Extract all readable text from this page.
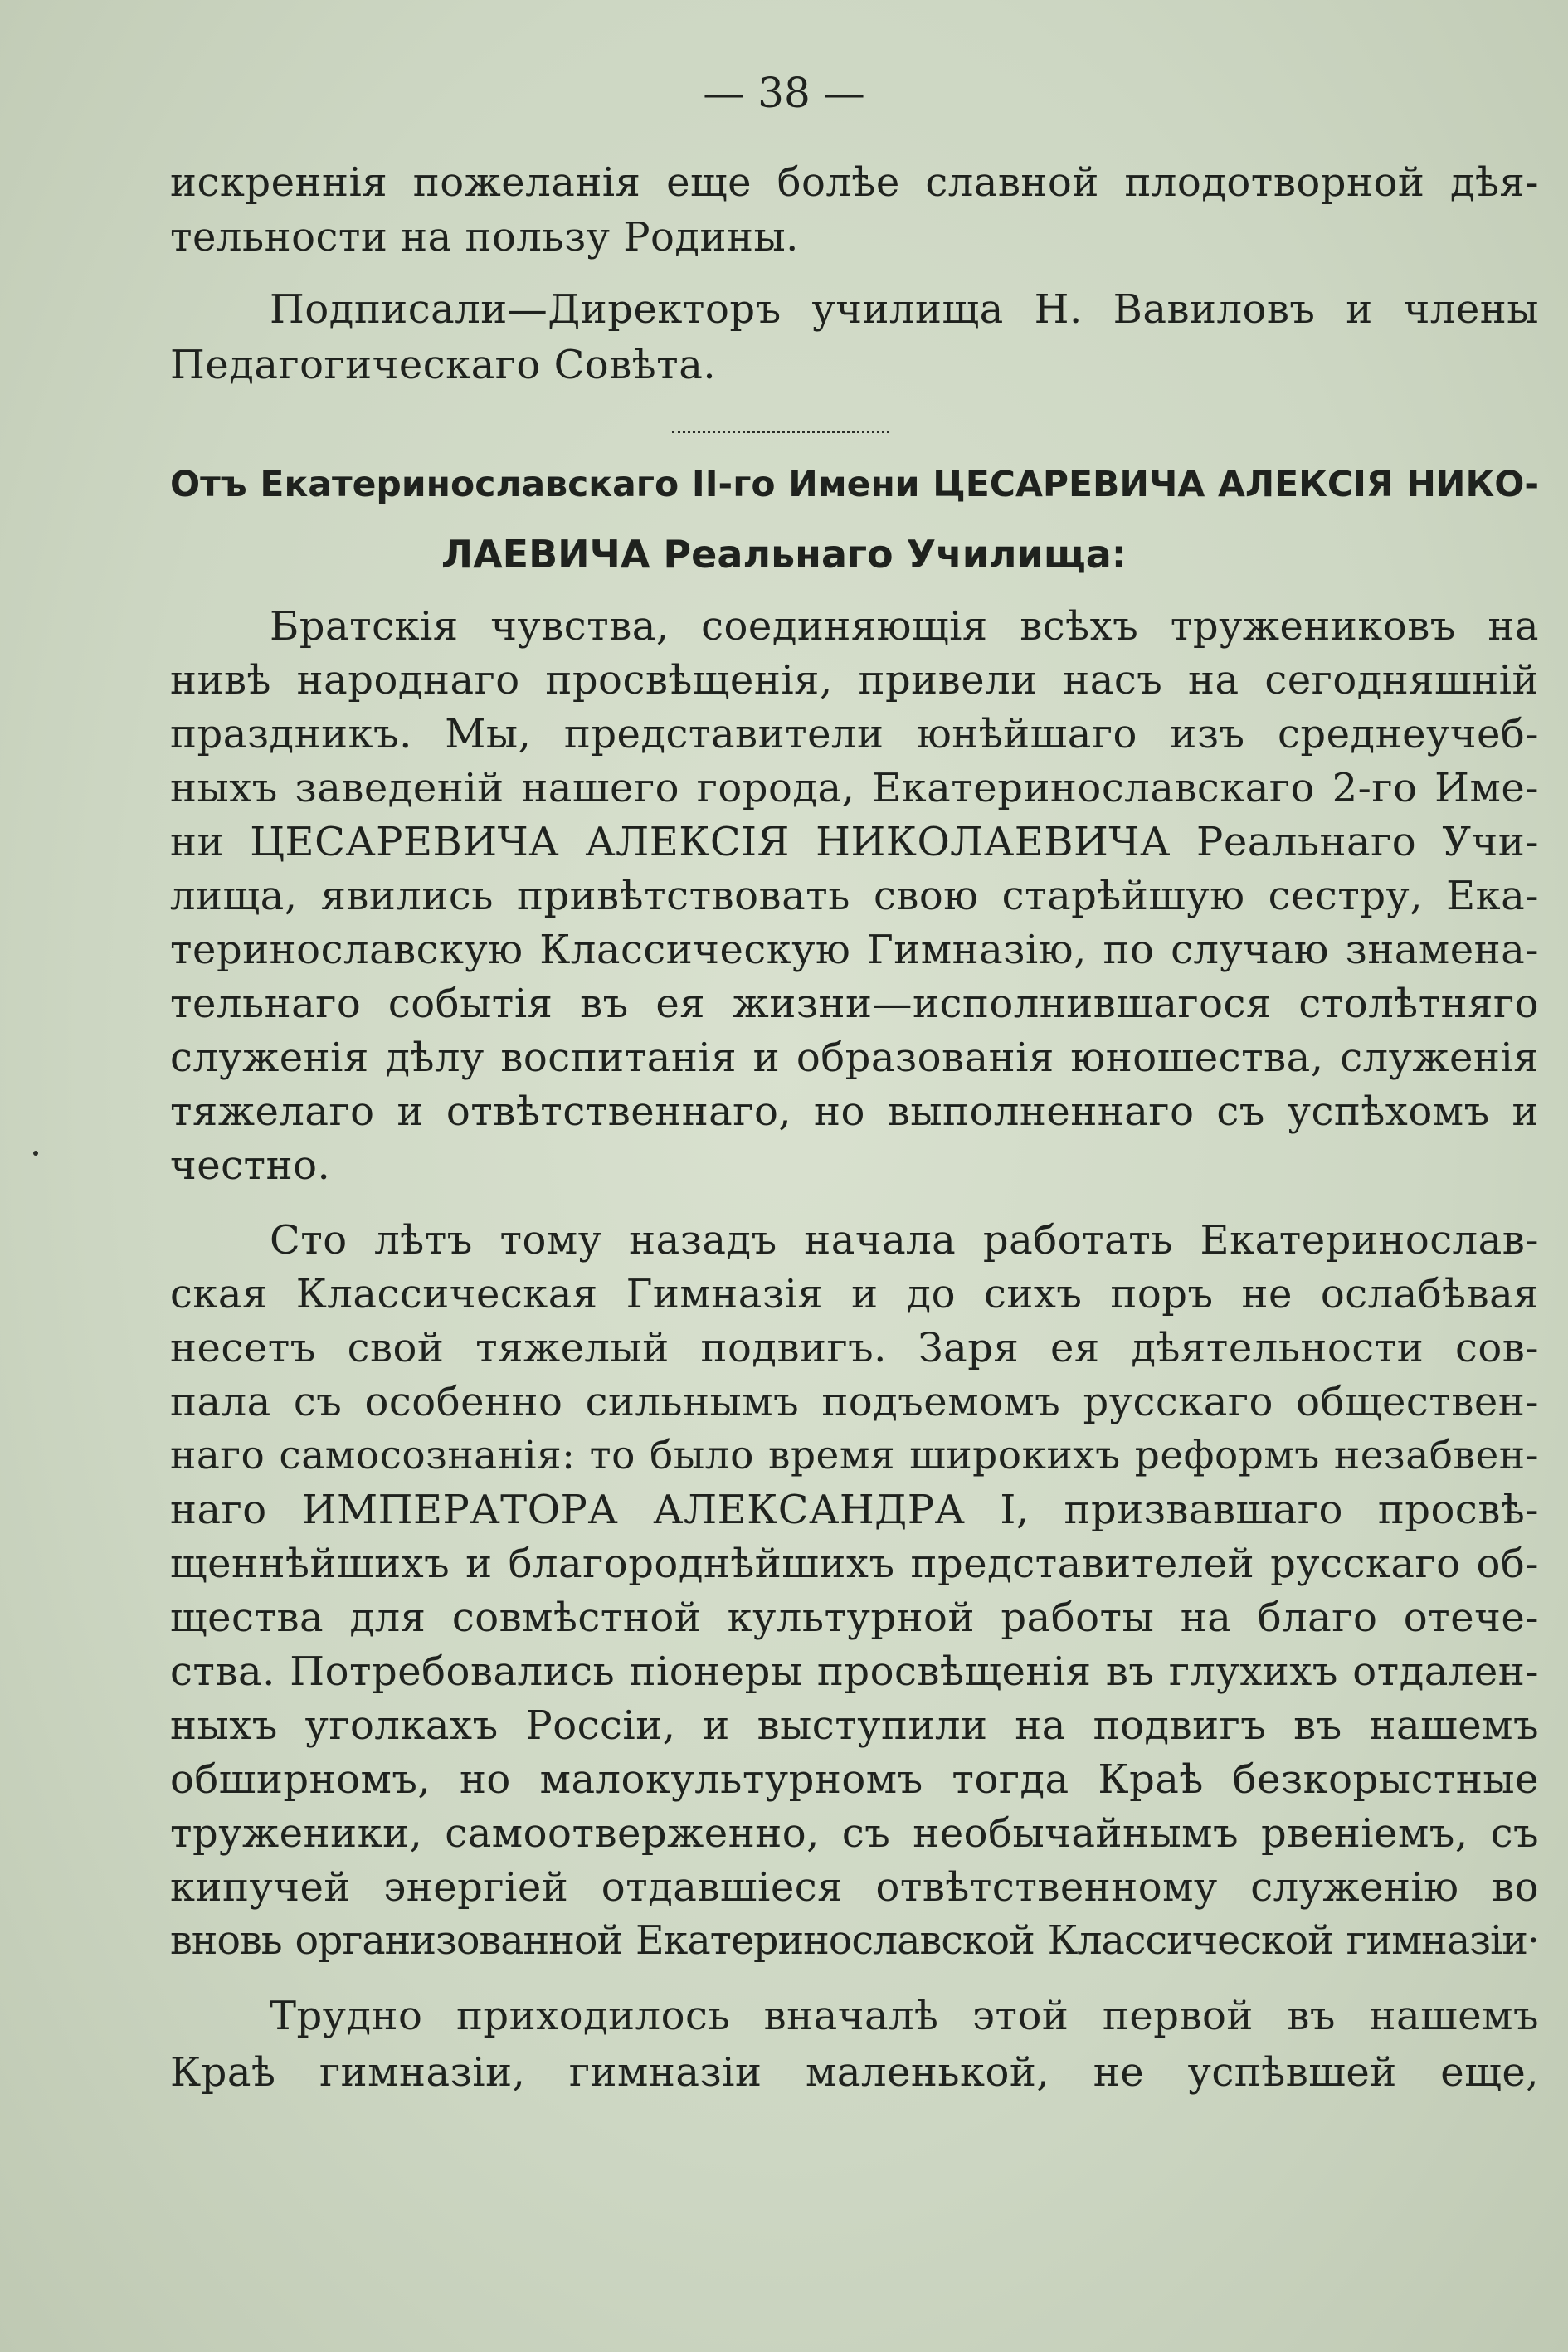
— 38 —
искреннія пожеланія еще болѣе славной плодотворной дѣя-
тельности на пользу Родины.
Подписали—Директоръ училища Н. Вавиловъ и члены
Педагогическаго Совѣта.
Отъ Екатеринославскаго II-го Имени ЦЕСАРЕВИЧА АЛЕКСІЯ НИКО-
ЛАЕВИЧА Реальнаго Училища:
Братскія чувства, соединяющія всѣхъ тружениковъ на
нивѣ народнаго просвѣщенія, привели насъ на сегодняшній
праздникъ. Мы, представители юнѣйшаго изъ среднеучеб-
ныхъ заведеній нашего города, Екатеринославскаго 2-го Име-
ни ЦЕСАРЕВИЧА АЛЕКСІЯ НИКОЛАЕВИЧА Реальнаго Учи-
лища, явились привѣтствовать свою старѣйшую сестру, Ека-
теринославскую Классическую Гимназію, по случаю знамена-
тельнаго событія въ ея жизни—исполнившагося столѣтняго
служенія дѣлу воспитанія и образованія юношества, служенія
тяжелаго и отвѣтственнаго, но выполненнаго съ успѣхомъ и
честно.
Сто лѣтъ тому назадъ начала работать Екатеринослав-
ская Классическая Гимназія и до сихъ поръ не ослабѣвая
несетъ свой тяжелый подвигъ. Заря ея дѣятельности сов-
пала съ особенно сильнымъ подъемомъ русскаго обществен-
наго самосознанія: то было время широкихъ реформъ незабвен-
наго ИМПЕРАТОРА АЛЕКСАНДРА I, призвавшаго просвѣ-
щеннѣйшихъ и благороднѣйшихъ представителей русскаго об-
щества для совмѣстной культурной работы на благо отече-
ства. Потребовались піонеры просвѣщенія въ глухихъ отдален-
ныхъ уголкахъ Россіи, и выступили на подвигъ въ нашемъ
обширномъ, но малокультурномъ тогда Краѣ безкорыстные
труженики, самоотверженно, съ необычайнымъ рвеніемъ, съ
кипучей энергіей отдавшіеся отвѣтственному служенію во
вновь организованной Екатеринославской Классической гимназіи·
Трудно приходилось вначалѣ этой первой въ нашемъ
Краѣ гимназіи, гимназіи маленькой, не успѣвшей еще,
